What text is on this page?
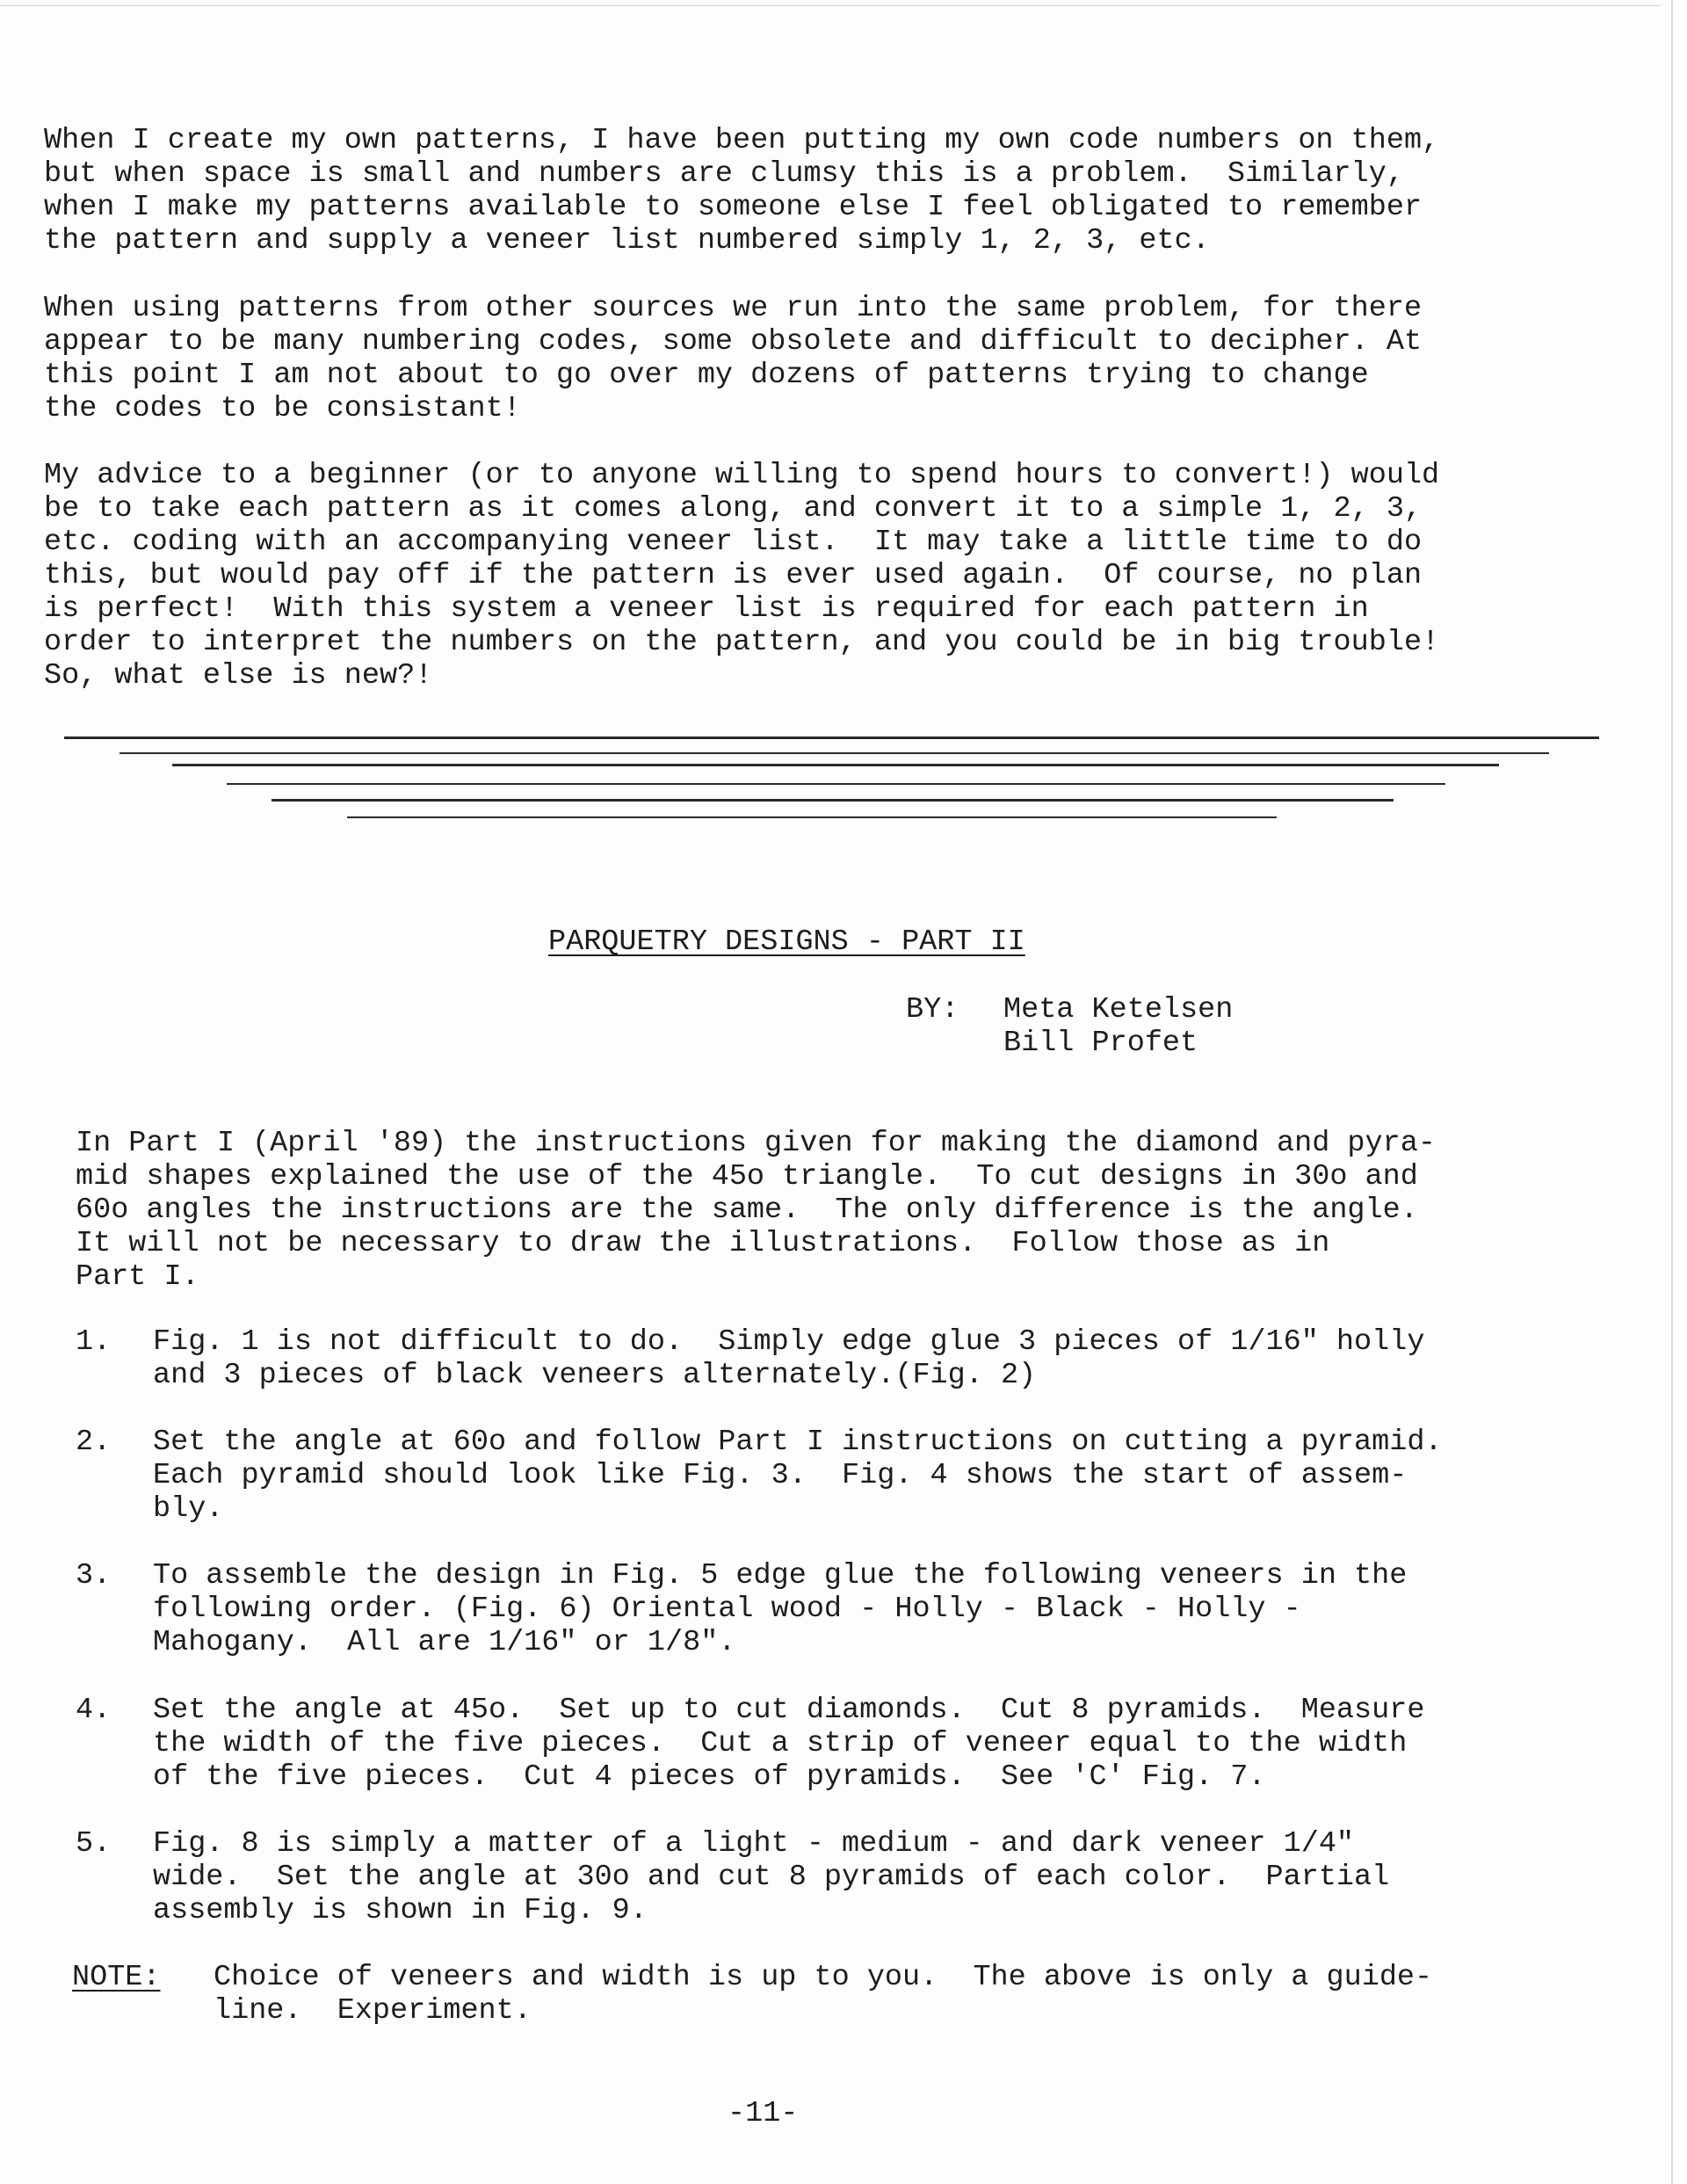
When I create my own patterns, I have been putting my own code numbers on them,
but when space is small and numbers are clumsy this is a problem.  Similarly,
when I make my patterns available to someone else I feel obligated to remember
the pattern and supply a veneer list numbered simply 1, 2, 3, etc.

When using patterns from other sources we run into the same problem, for there
appear to be many numbering codes, some obsolete and difficult to decipher. At
this point I am not about to go over my dozens of patterns trying to change
the codes to be consistant!

My advice to a beginner (or to anyone willing to spend hours to convert!) would
be to take each pattern as it comes along, and convert it to a simple 1, 2, 3,
etc. coding with an accompanying veneer list.  It may take a little time to do
this, but would pay off if the pattern is ever used again.  Of course, no plan
is perfect!  With this system a veneer list is required for each pattern in
order to interpret the numbers on the pattern, and you could be in big trouble!
So, what else is new?!

PARQUETRY DESIGNS - PART II

BY: Meta Ketelsen

Bill Profet

In Part I (April '89) the instructions given for making the diamond and pyra-
mid shapes explained the use of the 45o triangle.  To cut designs in 30o and
60o angles the instructions are the same.  The only difference is the angle.
It will not be necessary to draw the illustrations.  Follow those as in
Part I.

1. Fig. 1 is not difficult to do.  Simply edge glue 3 pieces of 1/16" holly
and 3 pieces of black veneers alternately.(Fig. 2)
2. Set the angle at 60o and follow Part I instructions on cutting a pyramid.
Each pyramid should look like Fig. 3.  Fig. 4 shows the start of assem-
bly.
3. To assemble the design in Fig. 5 edge glue the following veneers in the
following order. (Fig. 6) Oriental wood - Holly - Black - Holly -
Mahogany.  All are 1/16" or 1/8".
4. Set the angle at 45o.  Set up to cut diamonds.  Cut 8 pyramids.  Measure
the width of the five pieces.  Cut a strip of veneer equal to the width
of the five pieces.  Cut 4 pieces of pyramids.  See 'C' Fig. 7.
5. Fig. 8 is simply a matter of a light - medium - and dark veneer 1/4"
wide.  Set the angle at 30o and cut 8 pyramids of each color.  Partial
assembly is shown in Fig. 9.

NOTE: Choice of veneers and width is up to you.  The above is only a guide-
line.  Experiment.

-11-
